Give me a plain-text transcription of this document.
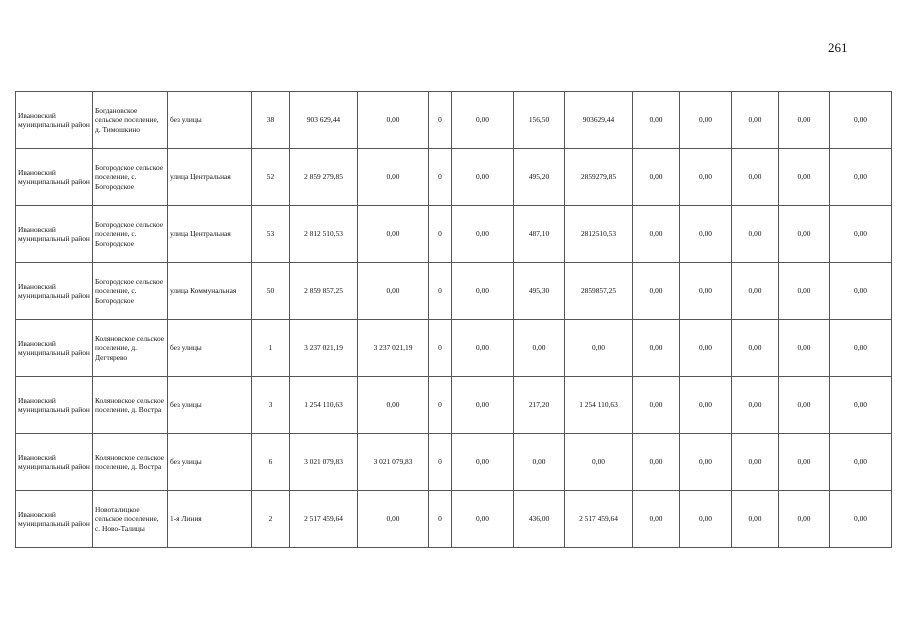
261
Ивановский муниципальный район	Богдановское сельское поселение, д. Тимошкино	без улицы	38	903 629,44	0,00	0	0,00	156,50	903629,44	0,00	0,00	0,00	0,00	0,00
Ивановский муниципальный район	Богородское сельское поселение, с. Богородское	улица Центральная	52	2 859 279,85	0,00	0	0,00	495,20	2859279,85	0,00	0,00	0,00	0,00	0,00
Ивановский муниципальный район	Богородское сельское поселение, с. Богородское	улица Центральная	53	2 812 510,53	0,00	0	0,00	487,10	2812510,53	0,00	0,00	0,00	0,00	0,00
Ивановский муниципальный район	Богородское сельское поселение, с. Богородское	улица Коммунальная	50	2 859 857,25	0,00	0	0,00	495,30	2859857,25	0,00	0,00	0,00	0,00	0,00
Ивановский муниципальный район	Коляновское сельское поселение, д. Дегтярево	без улицы	1	3 237 021,19	3 237 021,19	0	0,00	0,00	0,00	0,00	0,00	0,00	0,00	0,00
Ивановский муниципальный район	Коляновское сельское поселение, д. Востра	без улицы	3	1 254 110,63	0,00	0	0,00	217,20	1 254 110,63	0,00	0,00	0,00	0,00	0,00
Ивановский муниципальный район	Коляновское сельское поселение, д. Востра	без улицы	6	3 021 079,83	3 021 079,83	0	0,00	0,00	0,00	0,00	0,00	0,00	0,00	0,00
Ивановский муниципальный район	Новоталицкое сельское поселение, с. Ново-Талицы	1-я Линия	2	2 517 459,64	0,00	0	0,00	436,00	2 517 459,64	0,00	0,00	0,00	0,00	0,00
